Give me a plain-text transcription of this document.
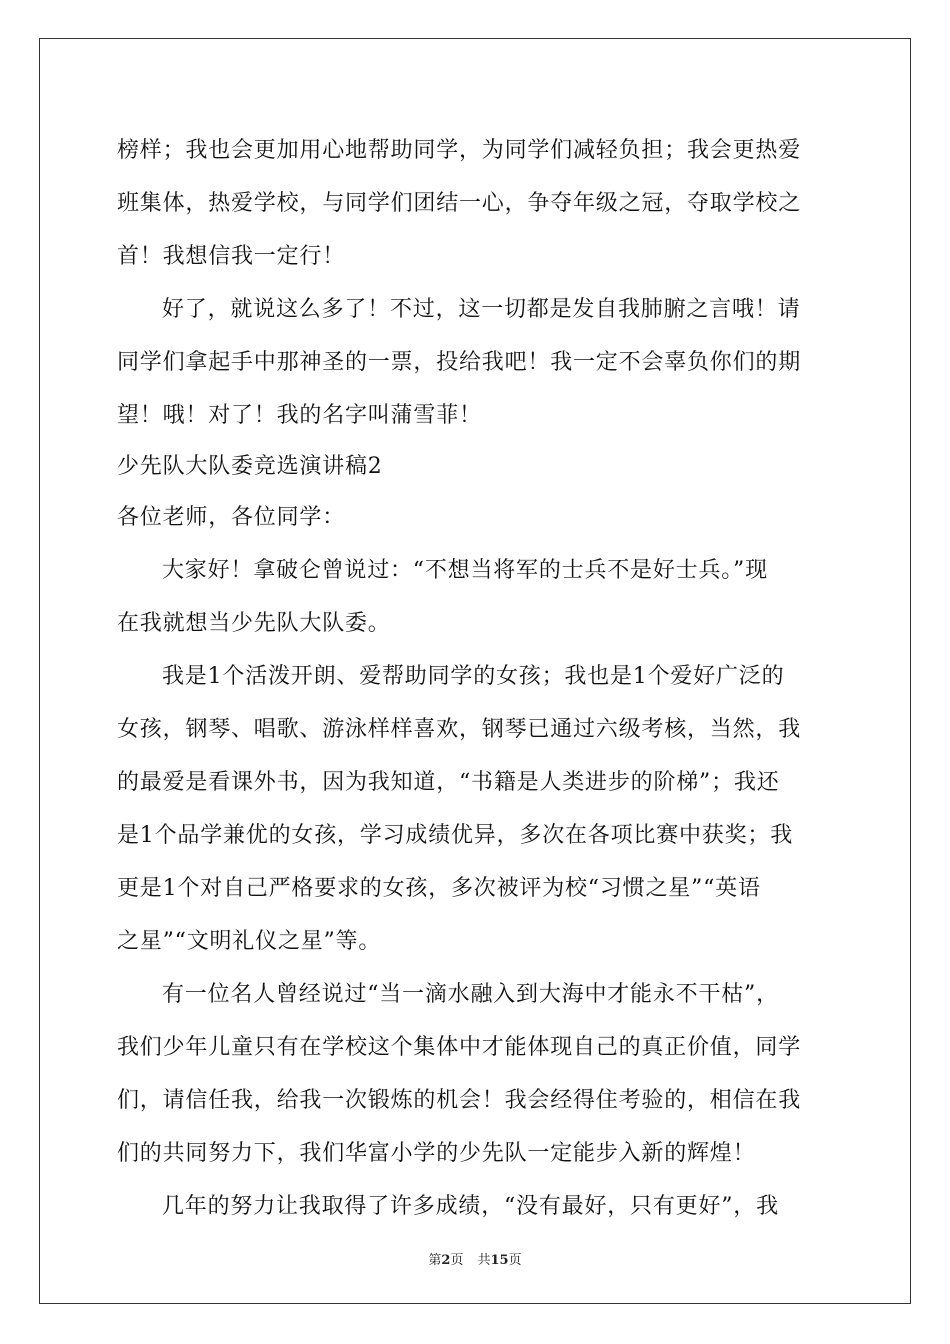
榜样；我也会更加用心地帮助同学，为同学们减轻负担；我会更热爱
班集体，热爱学校，与同学们团结一心，争夺年级之冠，夺取学校之
首！我想信我一定行！
好了，就说这么多了！不过，这一切都是发自我肺腑之言哦！请
同学们拿起手中那神圣的一票，投给我吧！我一定不会辜负你们的期
望！哦！对了！我的名字叫蒲雪菲！
少先队大队委竞选演讲稿2
各位老师，各位同学：
大家好！拿破仑曾说过：“不想当将军的士兵不是好士兵。”现
在我就想当少先队大队委。
我是1个活泼开朗、爱帮助同学的女孩；我也是1个爱好广泛的
女孩，钢琴、唱歌、游泳样样喜欢，钢琴已通过六级考核，当然，我
的最爱是看课外书，因为我知道，“书籍是人类进步的阶梯”；我还
是1个品学兼优的女孩，学习成绩优异，多次在各项比赛中获奖；我
更是1个对自己严格要求的女孩，多次被评为校“习惯之星”“英语
之星”“文明礼仪之星”等。
有一位名人曾经说过“当一滴水融入到大海中才能永不干枯”，
我们少年儿童只有在学校这个集体中才能体现自己的真正价值，同学
们，请信任我，给我一次锻炼的机会！我会经得住考验的，相信在我
们的共同努力下，我们华富小学的少先队一定能步入新的辉煌！
几年的努力让我取得了许多成绩，“没有最好，只有更好”，我
第2页 共15页
